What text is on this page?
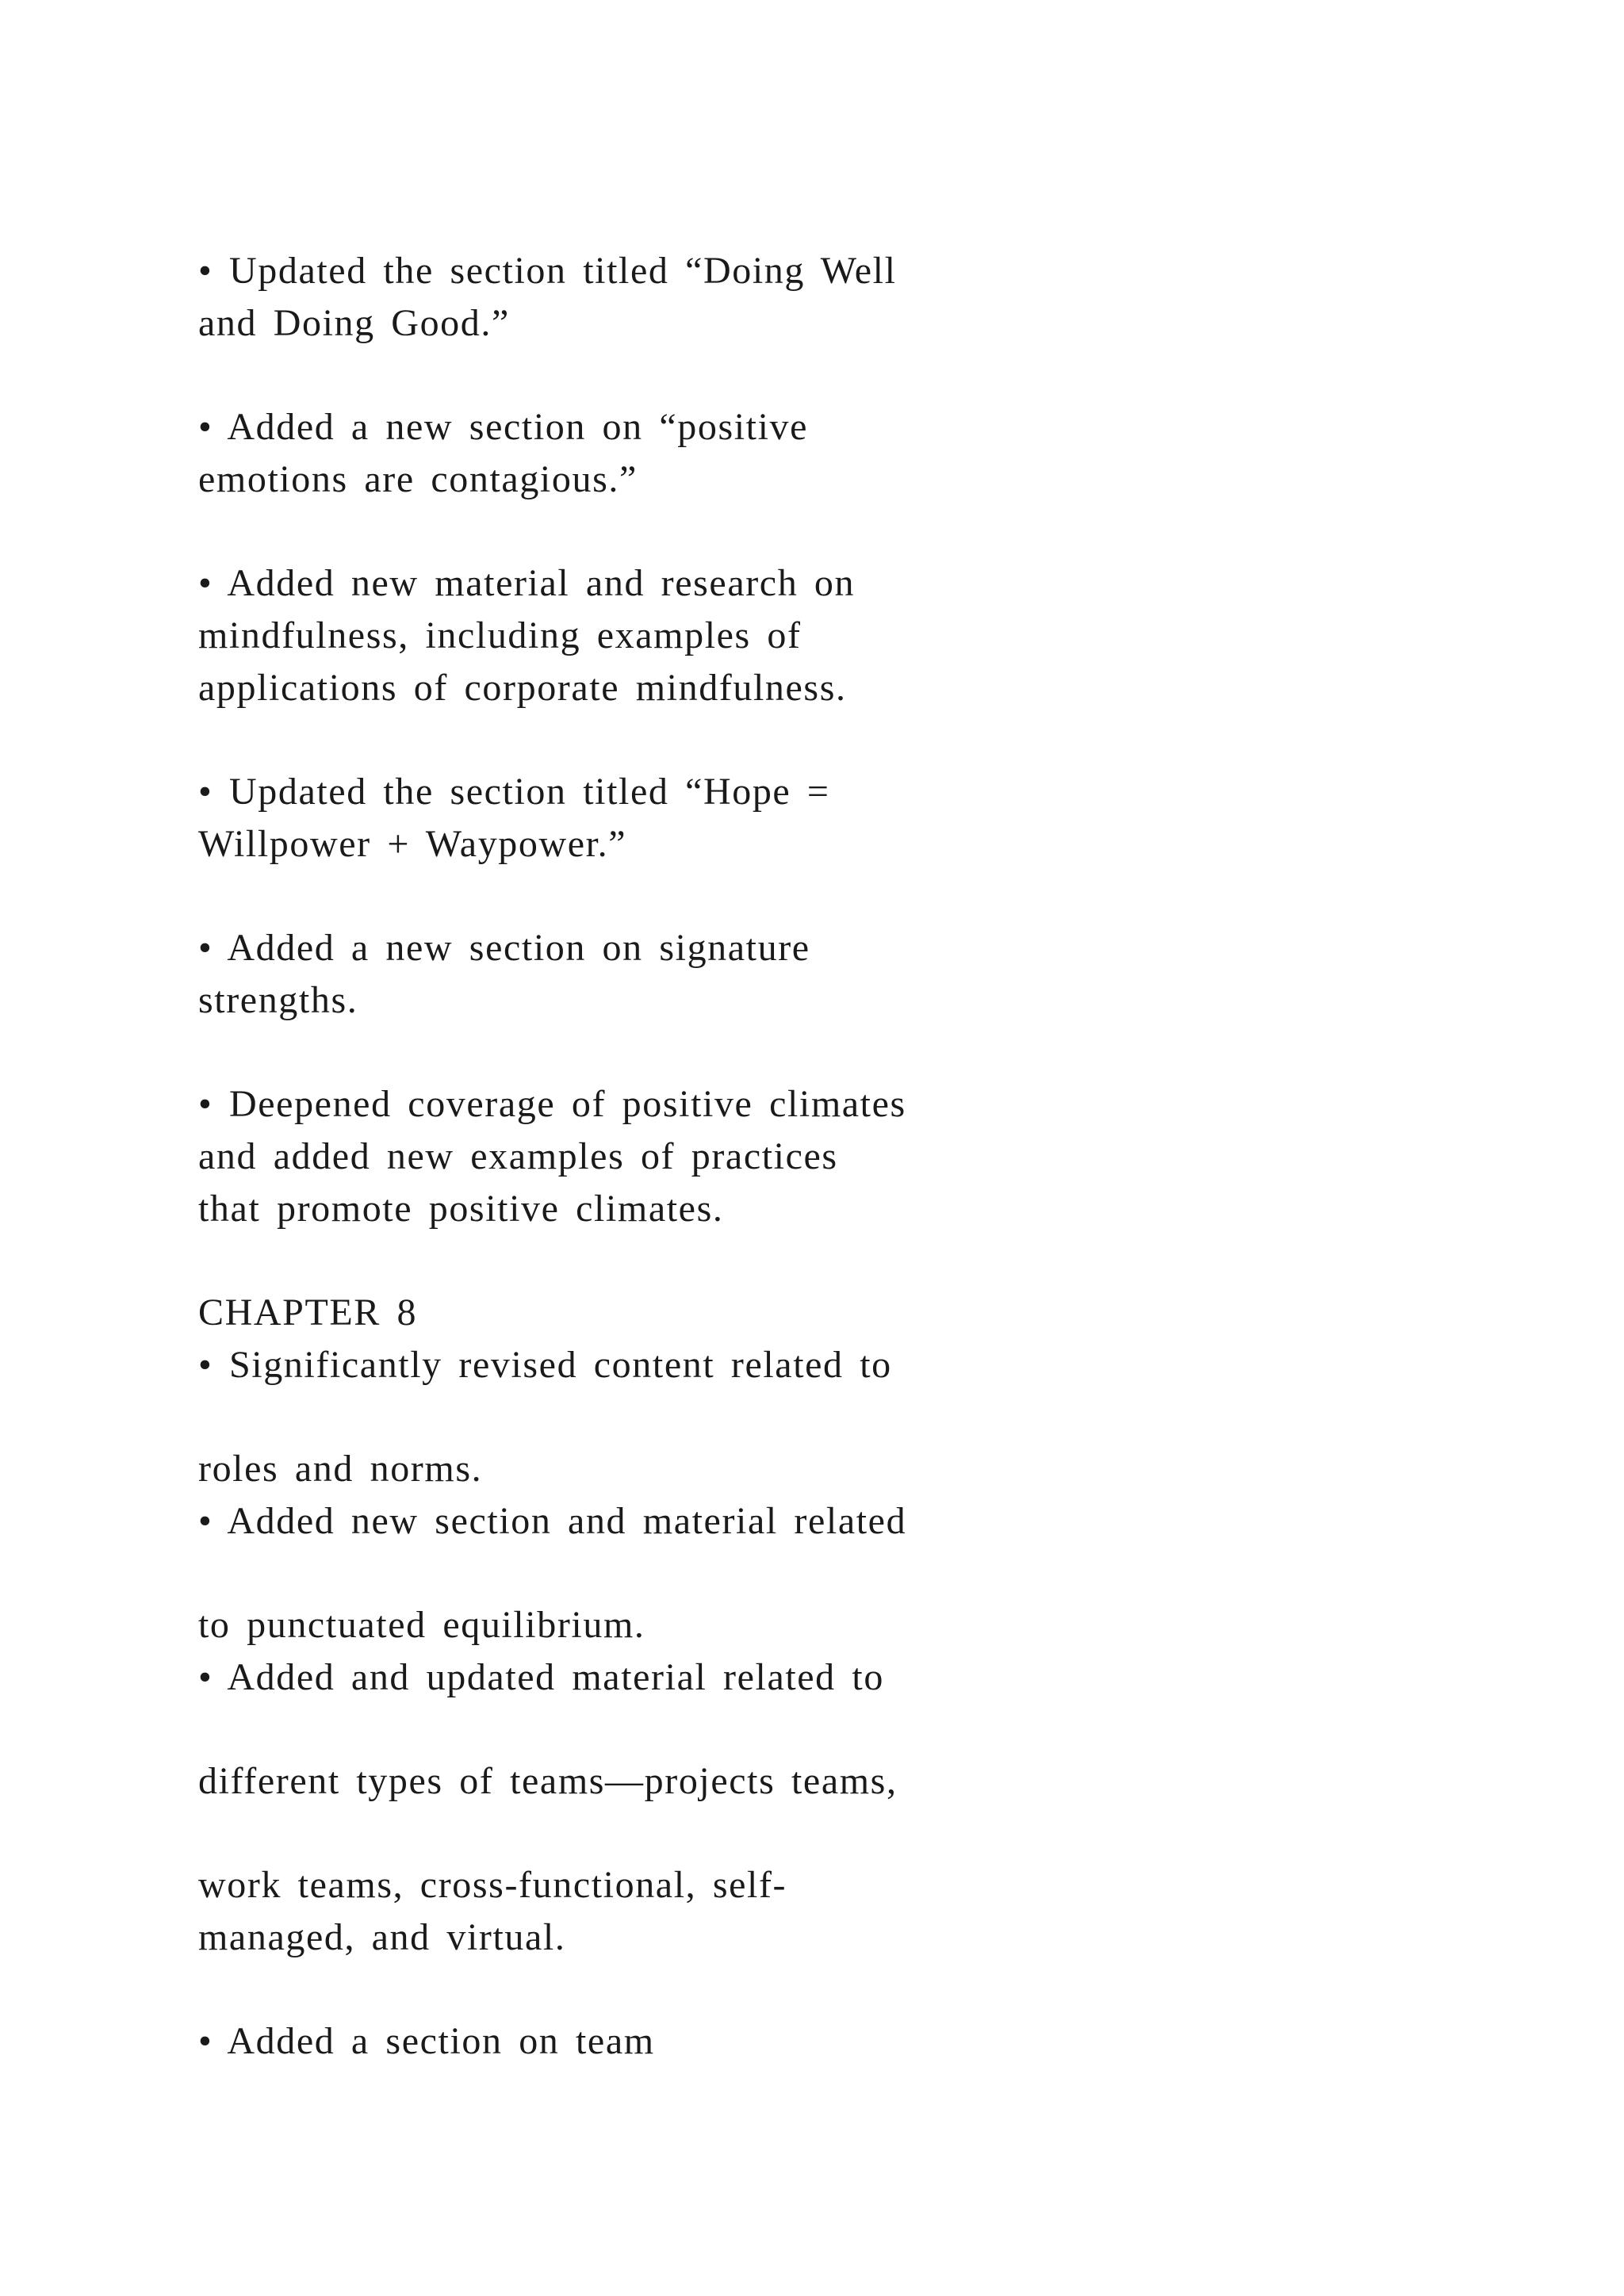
• Updated the section titled “Doing Well

and Doing Good.”

• Added a new section on “positive

emotions are contagious.”

• Added new material and research on

mindfulness, including examples of

applications of corporate mindfulness.

• Updated the section titled “Hope =

Willpower + Waypower.”

• Added a new section on signature

strengths.

• Deepened coverage of positive climates

and added new examples of practices

that promote positive climates.

CHAPTER 8

• Significantly revised content related to

roles and norms.

• Added new section and material related

to punctuated equilibrium.

• Added and updated material related to

different types of teams—projects teams,

work teams, cross-functional, self-

managed, and virtual.

• Added a section on team
